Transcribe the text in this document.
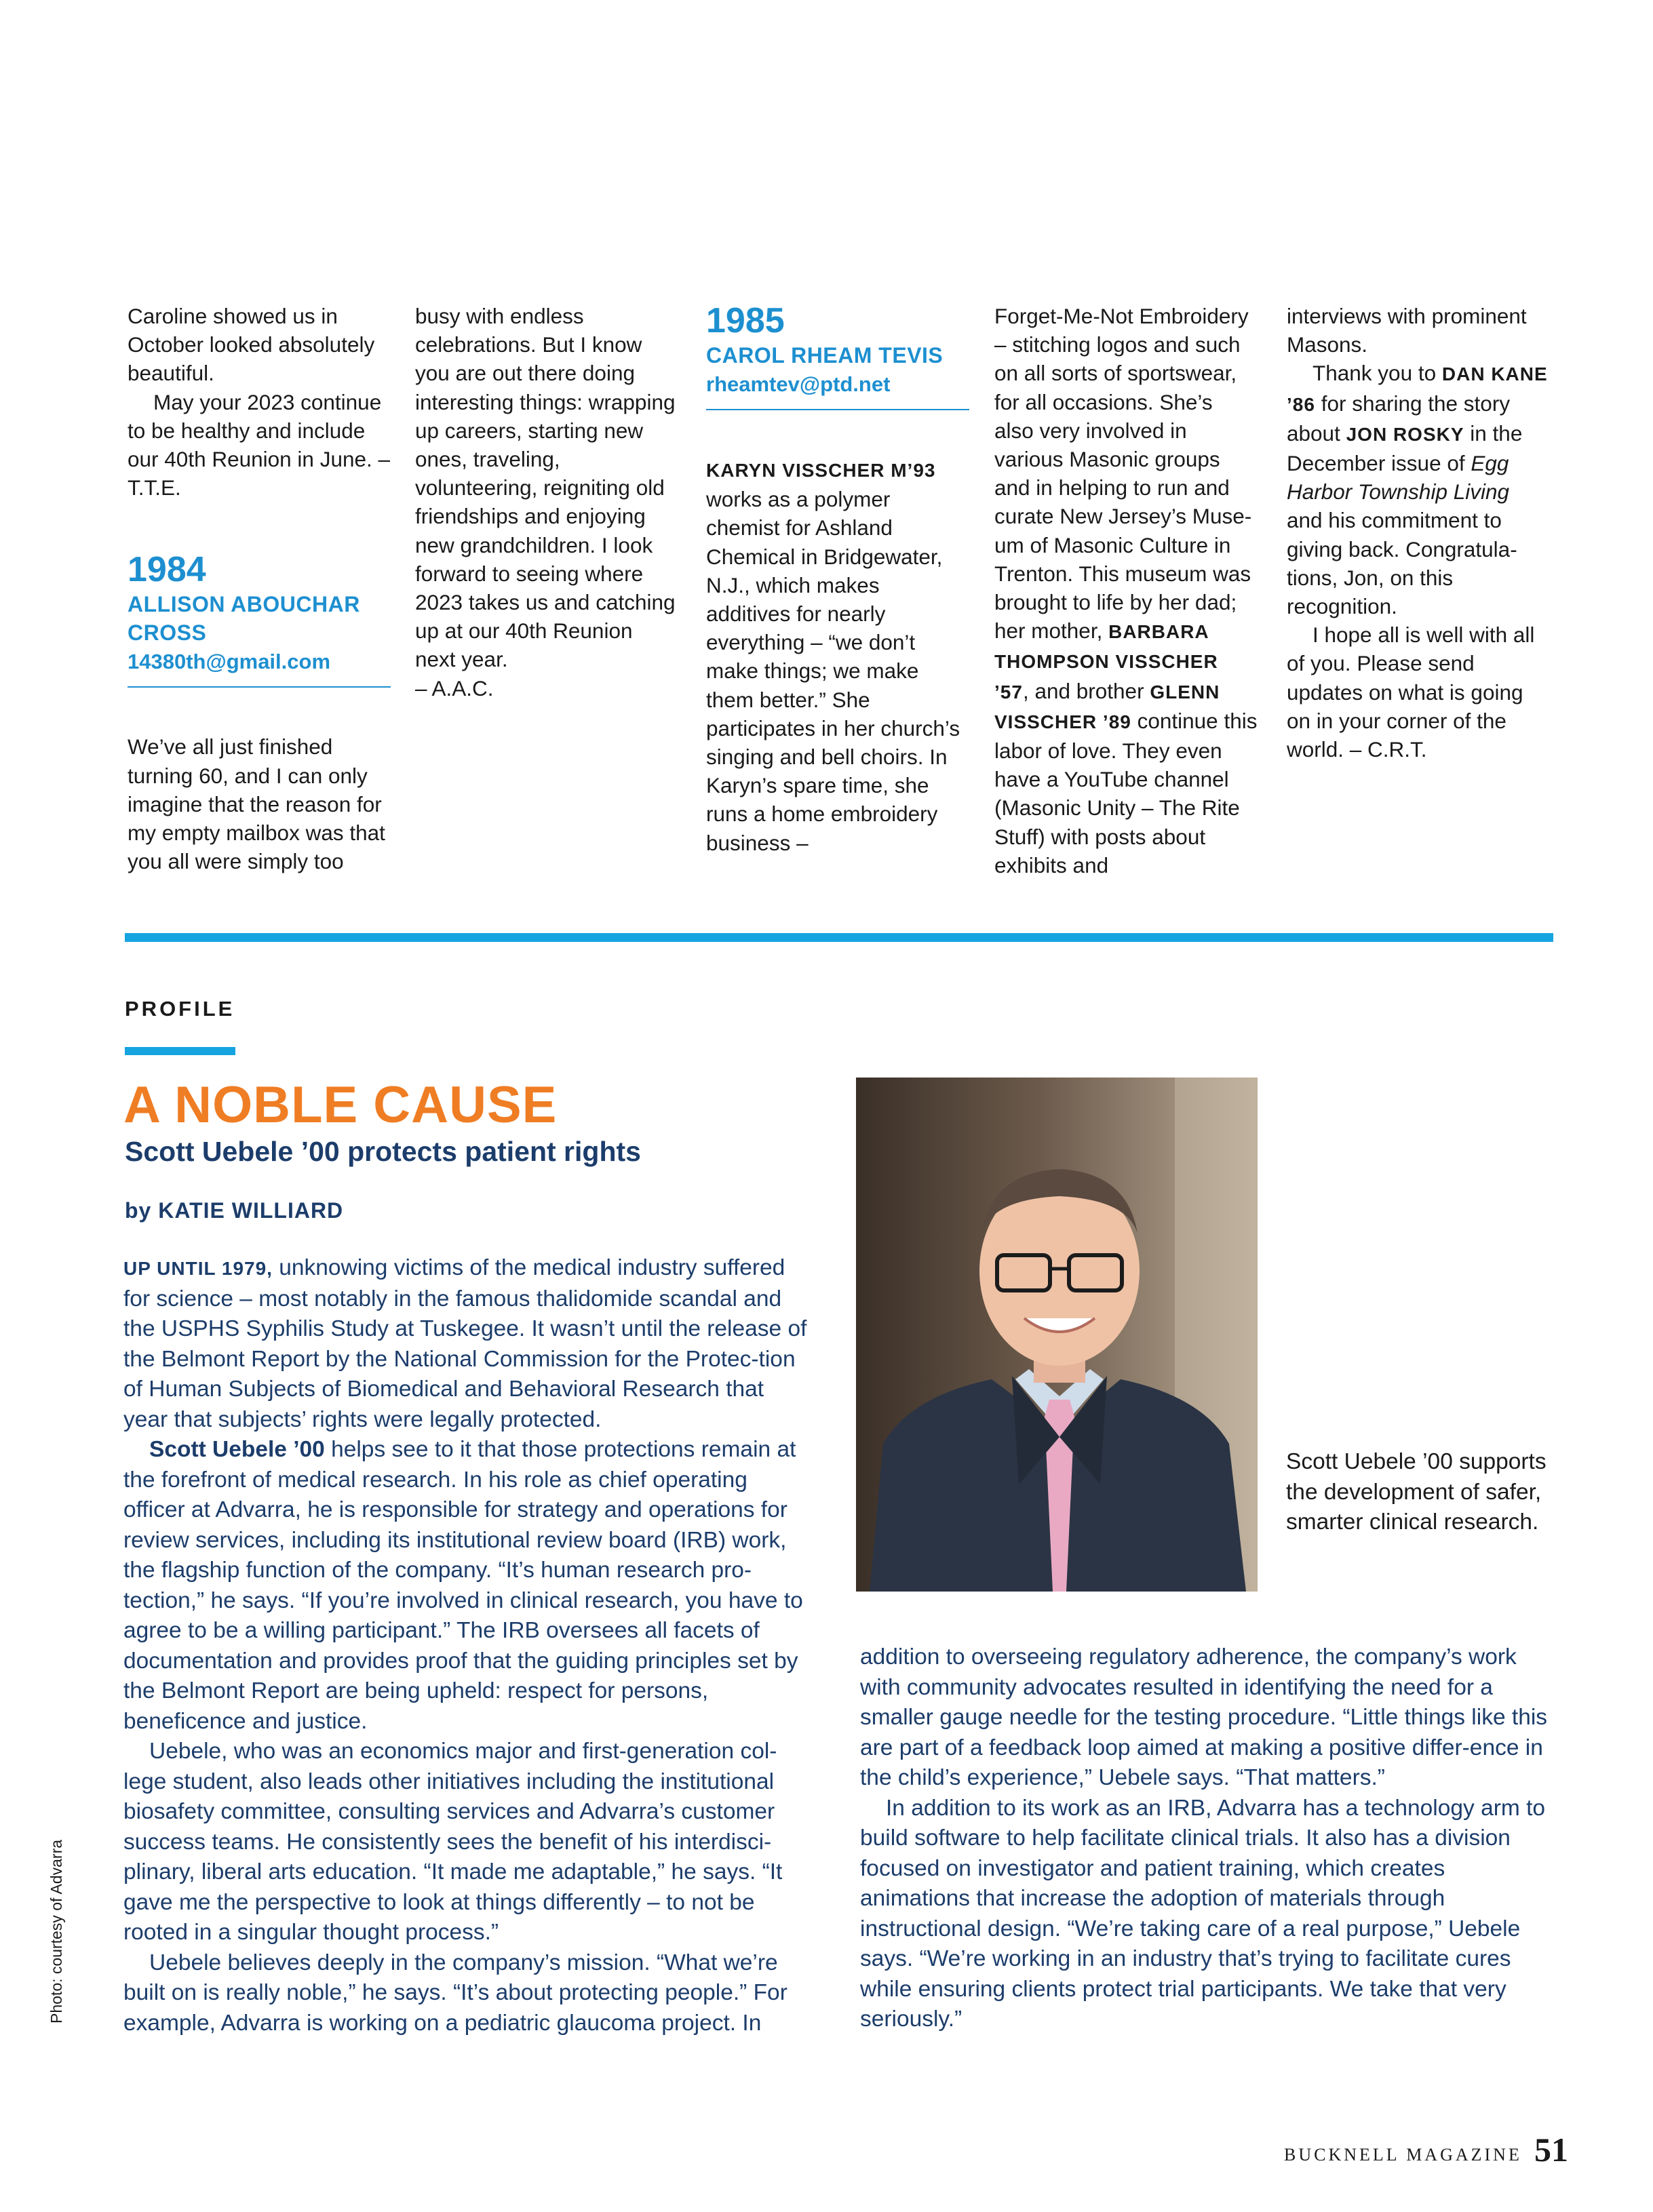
Caroline showed us in October looked absolutely beautiful.

May your 2023 continue to be healthy and include our 40th Reunion in June. – T.T.E.

1984
ALLISON ABOUCHAR CROSS
14380th@gmail.com

We’ve all just finished turning 60, and I can only imagine that the reason for my empty mailbox was that you all were simply too

busy with endless celebrations. But I know you are out there doing interesting things: wrapping up careers, starting new ones, traveling, volunteering, reigniting old friendships and enjoying new grandchildren. I look forward to seeing where 2023 takes us and catching up at our 40th Reunion next year.

– A.A.C.

1985
CAROL RHEAM TEVIS
rheamtev@ptd.net

KARYN VISSCHER M’93
works as a polymer chemist for Ashland Chemical in Bridgewater, N.J., which makes additives for nearly everything – “we don’t make things; we make them better.” She participates in her church’s singing and bell choirs. In Karyn’s spare time, she runs a home embroidery business –

Forget-Me-Not Embroidery – stitching logos and such on all sorts of sportswear, for all occasions. She’s also very involved in various Masonic groups and in helping to run and curate New Jersey’s Muse-um of Masonic Culture in Trenton. This museum was brought to life by her dad; her mother, BARBARA THOMPSON VISSCHER ’57, and brother GLENN VISSCHER ’89 continue this labor of love. They even have a YouTube channel (Masonic Unity – The Rite Stuff) with posts about exhibits and

interviews with prominent Masons.

Thank you to DAN KANE ’86 for sharing the story about JON ROSKY in the December issue of Egg Harbor Township Living and his commitment to giving back. Congratula-tions, Jon, on this recognition.

I hope all is well with all of you. Please send updates on what is going on in your corner of the world. – C.R.T.

PROFILE
A NOBLE CAUSE
Scott Uebele ’00 protects patient rights
by KATIE WILLIARD

UP UNTIL 1979, unknowing victims of the medical industry suffered for science – most notably in the famous thalidomide scandal and the USPHS Syphilis Study at Tuskegee. It wasn’t until the release of the Belmont Report by the National Commission for the Protec-tion of Human Subjects of Biomedical and Behavioral Research that year that subjects’ rights were legally protected.

Scott Uebele ’00 helps see to it that those protections remain at the forefront of medical research. In his role as chief operating officer at Advarra, he is responsible for strategy and operations for review services, including its institutional review board (IRB) work, the flagship function of the company. “It’s human research pro-tection,” he says. “If you’re involved in clinical research, you have to agree to be a willing participant.” The IRB oversees all facets of documentation and provides proof that the guiding principles set by the Belmont Report are being upheld: respect for persons, beneficence and justice.

Uebele, who was an economics major and first-generation col-lege student, also leads other initiatives including the institutional biosafety committee, consulting services and Advarra’s customer success teams. He consistently sees the benefit of his interdisci-plinary, liberal arts education. “It made me adaptable,” he says. “It gave me the perspective to look at things differently – to not be rooted in a singular thought process.”

Uebele believes deeply in the company’s mission. “What we’re built on is really noble,” he says. “It’s about protecting people.” For example, Advarra is working on a pediatric glaucoma project. In

Scott Uebele ’00 supports the development of safer, smarter clinical research.
Photo: courtesy of Advarra

addition to overseeing regulatory adherence, the company’s work with community advocates resulted in identifying the need for a smaller gauge needle for the testing procedure. “Little things like this are part of a feedback loop aimed at making a positive differ-ence in the child’s experience,” Uebele says. “That matters.”

In addition to its work as an IRB, Advarra has a technology arm to build software to help facilitate clinical trials. It also has a division focused on investigator and patient training, which creates animations that increase the adoption of materials through instructional design. “We’re taking care of a real purpose,” Uebele says. “We’re working in an industry that’s trying to facilitate cures while ensuring clients protect trial participants. We take that very seriously.”

BUCKNELL MAGAZINE 51
